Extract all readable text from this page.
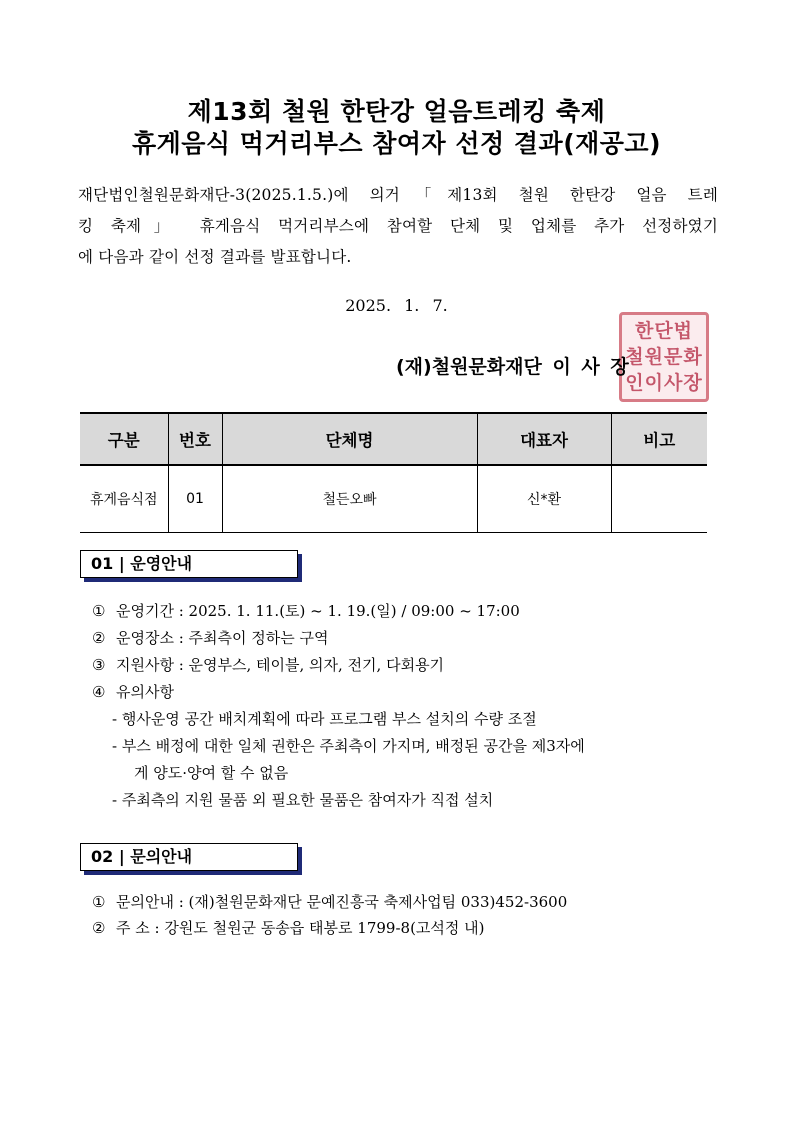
제13회 철원 한탄강 얼음트레킹 축제
휴게음식 먹거리부스 참여자 선정 결과(재공고)
재단법인철원문화재단-3(2025.1.5.)에 의거「제13회 철원 한탄강 얼음 트레
킹 축제」 휴게음식 먹거리부스에 참여할 단체 및 업체를 추가 선정하였기
에 다음과 같이 선정 결과를 발표합니다.
2025. 1. 7.
한단법
철원문화
인이사장
(재)철원문화재단 이 사 장
구분	번호	단체명	대표자	비고
휴게음식점	01	철든오빠	신*환	
01 | 운영안내
① 운영기간 : 2025. 1. 11.(토) ~ 1. 19.(일) / 09:00 ~ 17:00
② 운영장소 : 주최측이 정하는 구역
③ 지원사항 : 운영부스, 테이블, 의자, 전기, 다회용기
④ 유의사항
- 행사운영 공간 배치계획에 따라 프로그램 부스 설치의 수량 조절
- 부스 배정에 대한 일체 권한은 주최측이 가지며, 배정된 공간을 제3자에
게 양도·양여 할 수 없음
- 주최측의 지원 물품 외 필요한 물품은 참여자가 직접 설치
02 | 문의안내
① 문의안내 : (재)철원문화재단 문예진흥국 축제사업팀 033)452-3600
② 주 소 : 강원도 철원군 동송읍 태봉로 1799-8(고석정 내)
